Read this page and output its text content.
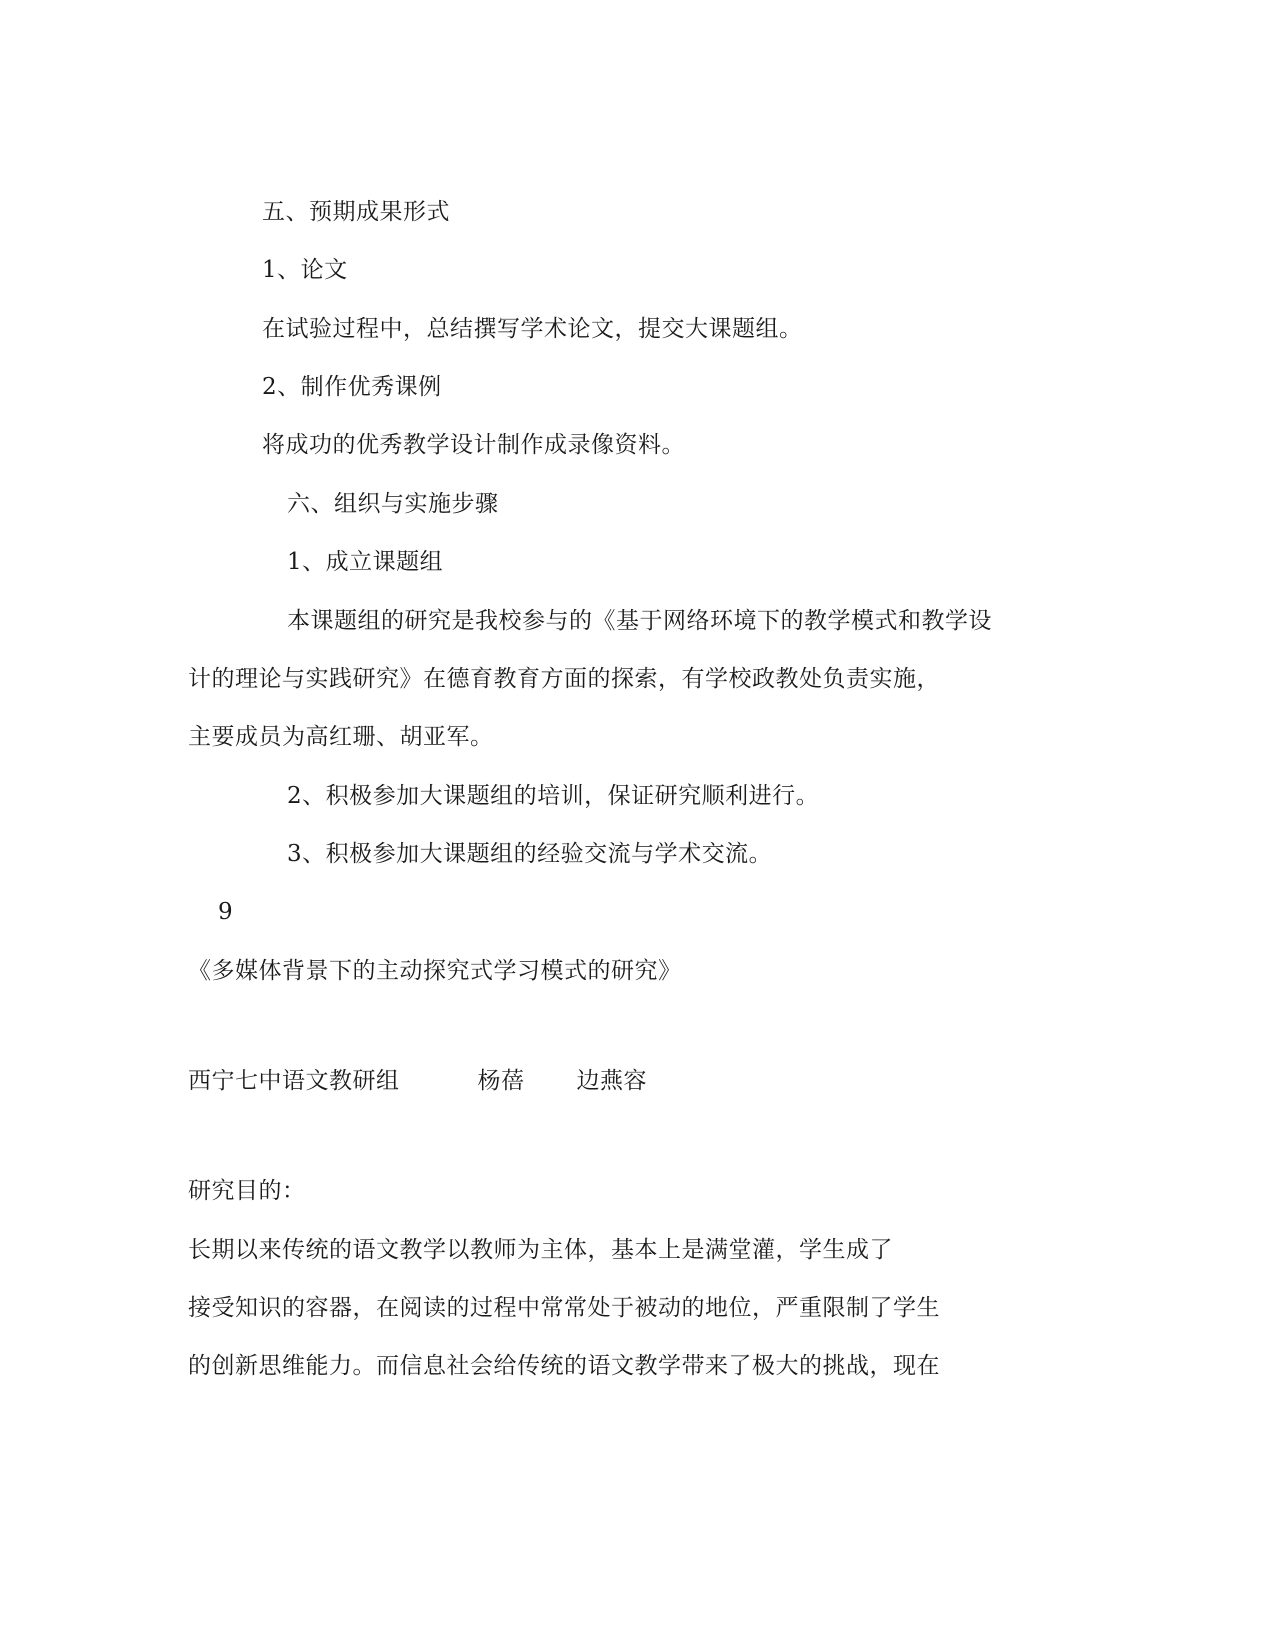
五、预期成果形式
1、论文
在试验过程中，总结撰写学术论文，提交大课题组。
2、制作优秀课例
将成功的优秀教学设计制作成录像资料。
六、组织与实施步骤
1、成立课题组
本课题组的研究是我校参与的《基于网络环境下的教学模式和教学设
计的理论与实践研究》在德育教育方面的探索，有学校政教处负责实施，
主要成员为高红珊、胡亚军。
2、积极参加大课题组的培训，保证研究顺利进行。
3、积极参加大课题组的经验交流与学术交流。
9
《多媒体背景下的主动探究式学习模式的研究》
西宁七中语文教研组	杨蓓 边燕容
研究目的：
长期以来传统的语文教学以教师为主体，基本上是满堂灌，学生成了
接受知识的容器，在阅读的过程中常常处于被动的地位，严重限制了学生
的创新思维能力。而信息社会给传统的语文教学带来了极大的挑战，现在
